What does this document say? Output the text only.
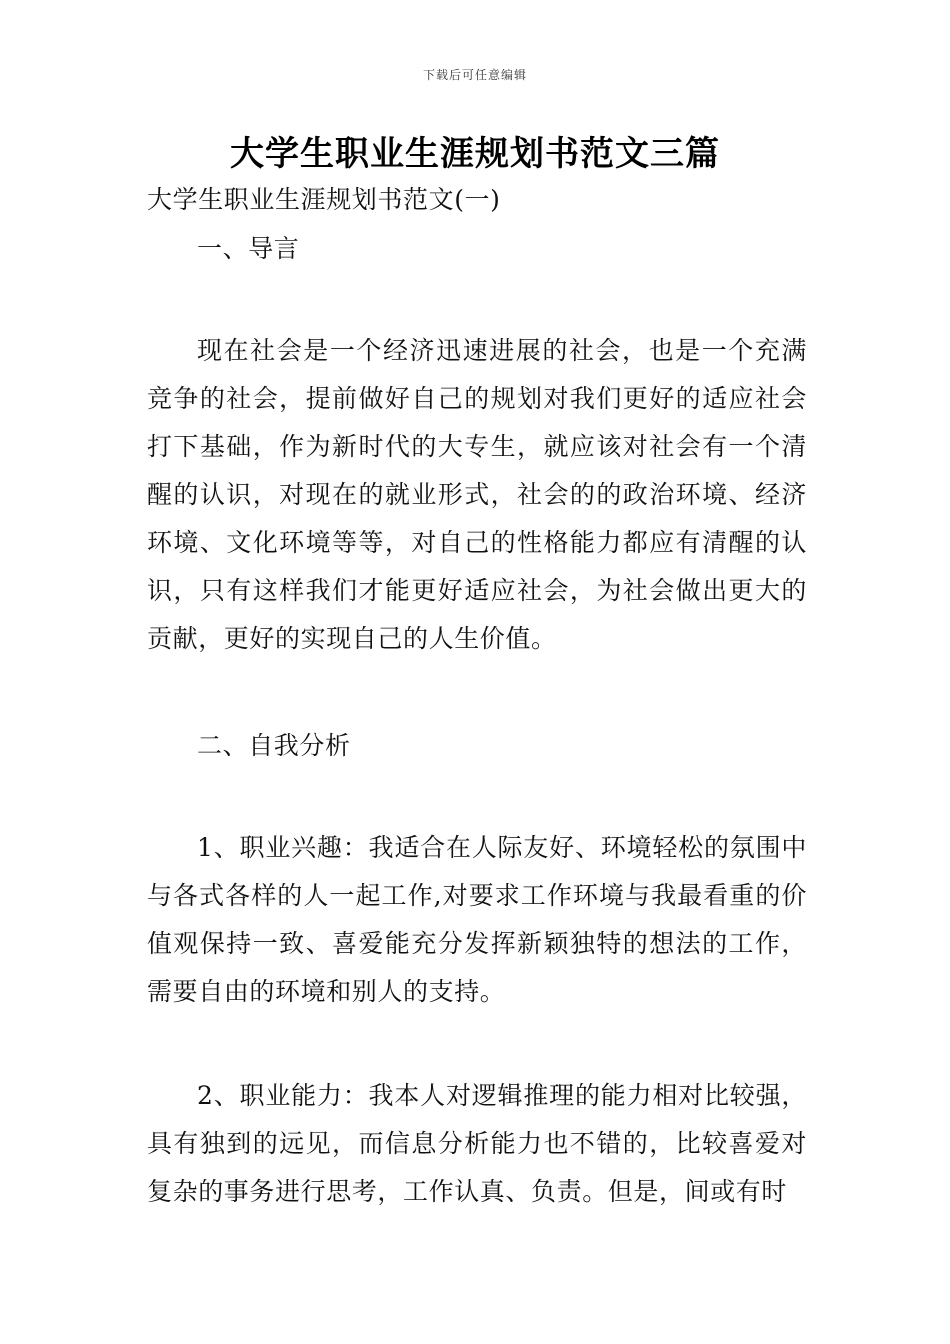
下载后可任意编辑
大学生职业生涯规划书范文三篇
大学生职业生涯规划书范文(一)
一、导言
现在社会是一个经济迅速进展的社会，也是一个充满竞争的社会，提前做好自己的规划对我们更好的适应社会打下基础，作为新时代的大专生，就应该对社会有一个清醒的认识，对现在的就业形式，社会的的政治环境、经济环境、文化环境等等，对自己的性格能力都应有清醒的认识，只有这样我们才能更好适应社会，为社会做出更大的贡献，更好的实现自己的人生价值。
二、自我分析
1、职业兴趣：我适合在人际友好、环境轻松的氛围中与各式各样的人一起工作,对要求工作环境与我最看重的价值观保持一致、喜爱能充分发挥新颖独特的想法的工作，需要自由的环境和别人的支持。
2、职业能力：我本人对逻辑推理的能力相对比较强，具有独到的远见，而信息分析能力也不错的，比较喜爱对复杂的事务进行思考，工作认真、负责。但是，间或有时
